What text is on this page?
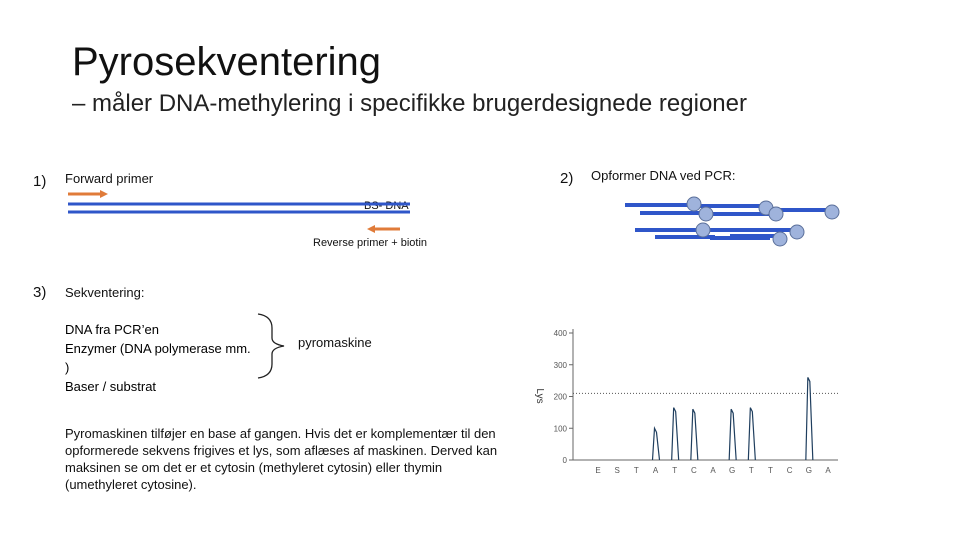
Pyrosekventering
– måler DNA-methylering i specifikke brugerdesignede regioner
1) Forward primer
BS- DNA
Reverse primer + biotin
2) Opformer DNA ved PCR:
3) Sekventering:
DNA fra PCR’en
Enzymer (DNA polymerase mm.
)
Baser / substrat
pyromaskine
Pyromaskinen tilføjer en base af gangen. Hvis det er komplementær til den opformerede sekvens frigives et lys, som aflæses af maskinen. Derved kan maksinen se om det er et cytosin (methyleret cytosin) eller thymin (umethyleret cytosine).
0
100
200
300
400
Lys
E S T A T C A G T T C G A
